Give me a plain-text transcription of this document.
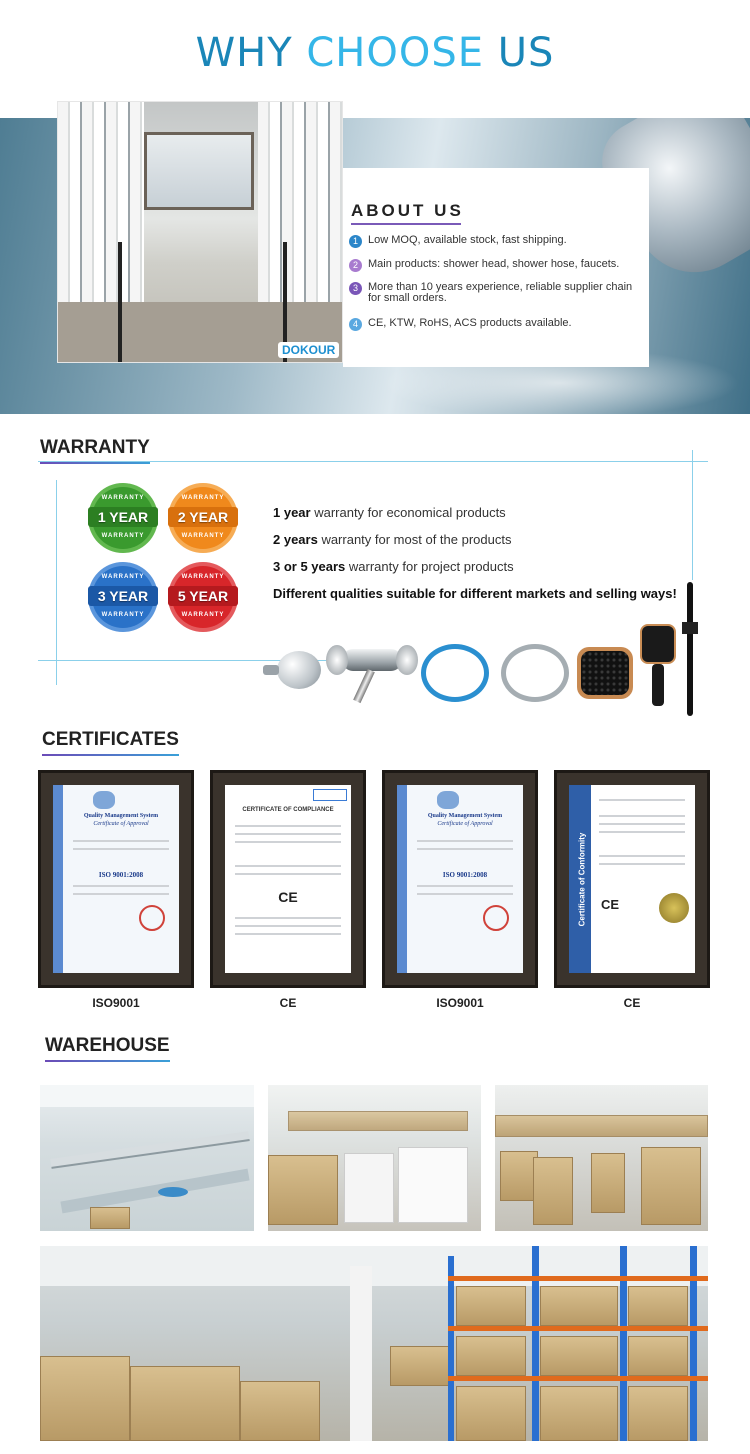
WHY CHOOSE US
DOKOUR
ABOUT US
1 Low MOQ, available stock, fast shipping.
2 Main products: shower head, shower hose, faucets.
3 More than 10 years experience, reliable supplier chain for small orders.
4 CE, KTW, RoHS, ACS products available.
WARRANTY
WARRANTY
1 YEAR
WARRANTY
WARRANTY
2 YEAR
WARRANTY
WARRANTY
3 YEAR
WARRANTY
WARRANTY
5 YEAR
WARRANTY
1 year warranty for economical products
2 years warranty for most of the products
3 or 5 years warranty for project products
Different qualities suitable for different markets and selling ways!
CERTIFICATES
Quality Management System
Certificate of Approval
ISO 9001:2008
CERTIFICATE OF COMPLIANCE
CE
Quality Management System
Certificate of Approval
ISO 9001:2008	Certificate of Conformity CE
ISO9001	CE	ISO9001	CE
WAREHOUSE
